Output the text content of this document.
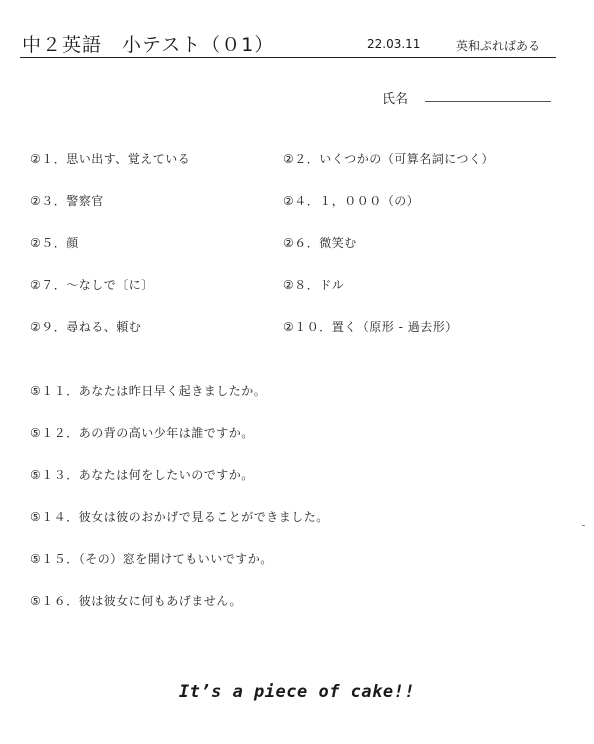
中２英語　小テスト（０1）	22.03.11	英和ぷればある
氏名
②１．思い出す、覚えている	②２．いくつかの（可算名詞につく）
②３．警察官	②４．１，０００（の）
②５．顔	②６．微笑む
②７．～なしで〔に〕	②８．ドル
②９．尋ねる、頼む	②１０．置く（原形 - 過去形）
⑤１１．あなたは昨日早く起きましたか。
⑤１２．あの背の高い少年は誰ですか。
⑤１３．あなたは何をしたいのですか。
⑤１４．彼女は彼のおかげで見ることができました。
⑤１５．（その）窓を開けてもいいですか。
⑤１６．彼は彼女に何もあげません。
It’s a piece of cake!!
